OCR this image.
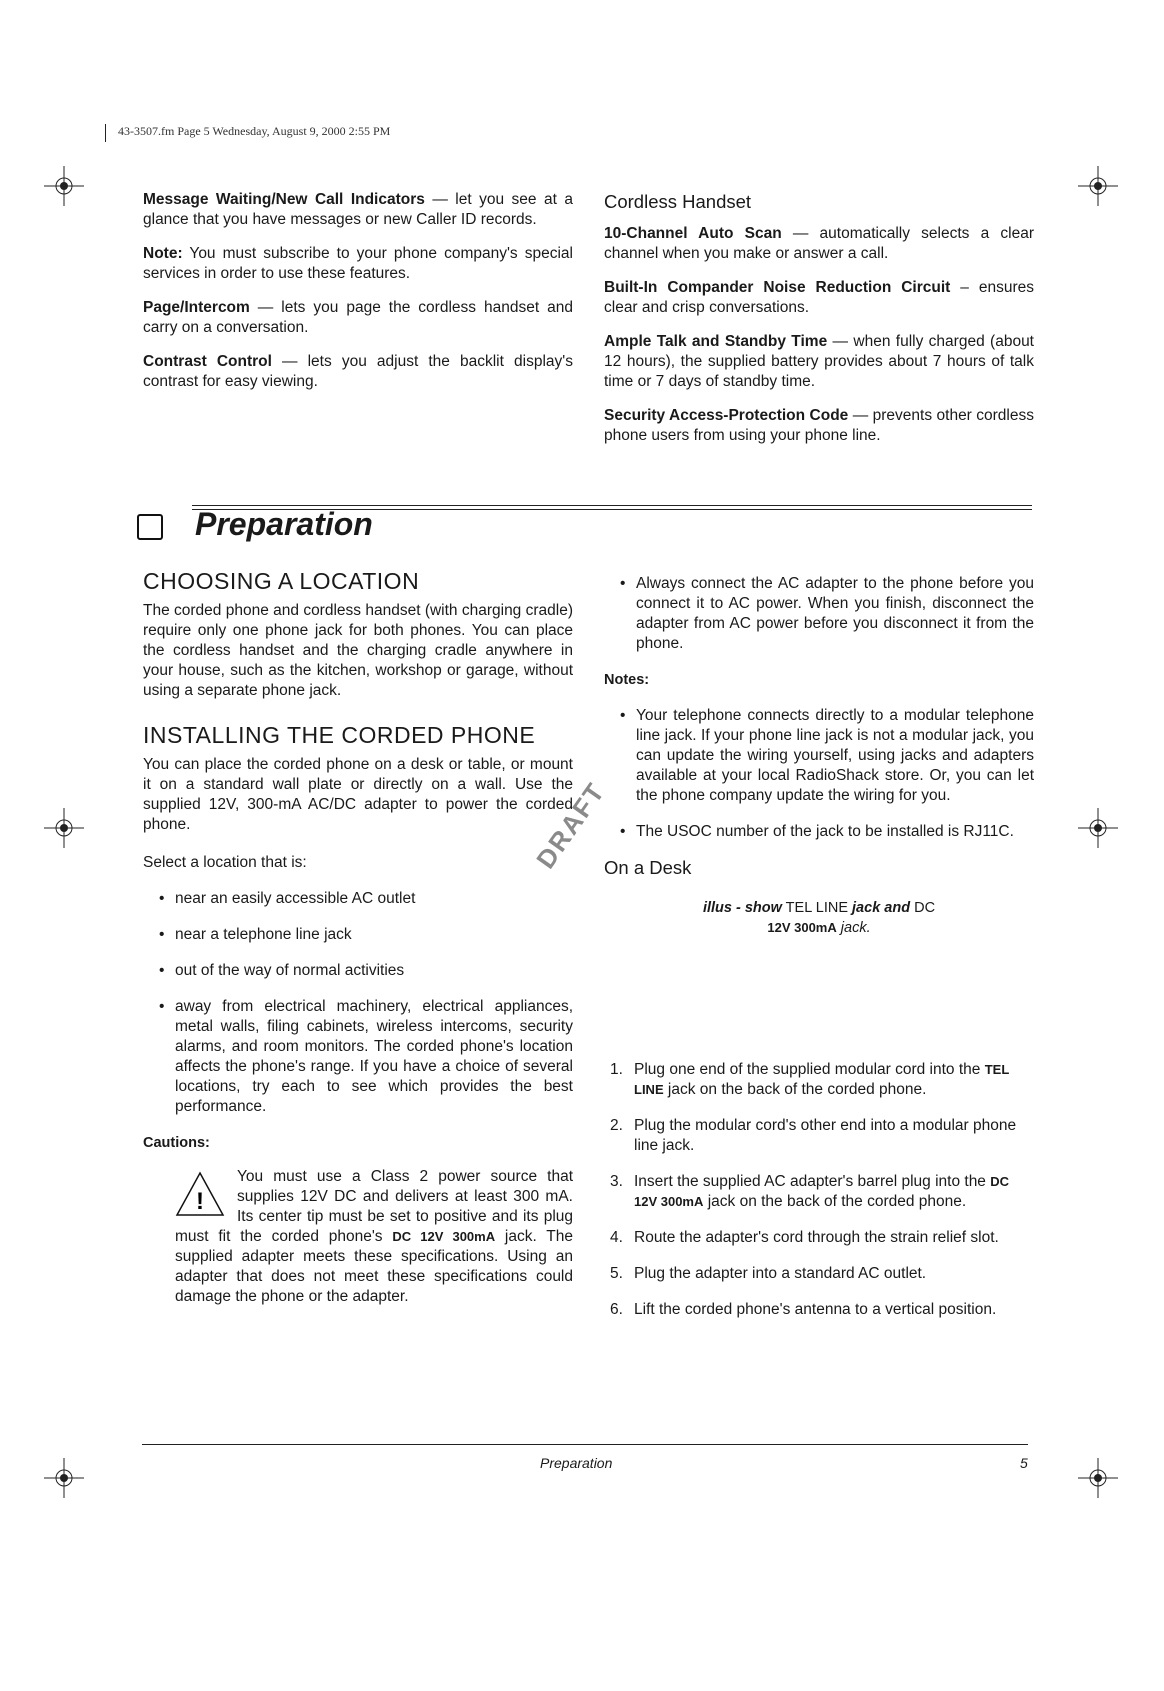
43-3507.fm Page 5 Wednesday, August 9, 2000 2:55 PM

Message Waiting/New Call Indicators — let you see at a glance that you have messages or new Caller ID records.

Note: You must subscribe to your phone company's special services in order to use these features.

Page/Intercom — lets you page the cordless handset and carry on a conversation.

Contrast Control — lets you adjust the backlit display's contrast for easy viewing.

Cordless Handset

10-Channel Auto Scan — automatically selects a clear channel when you make or answer a call.

Built-In Compander Noise Reduction Circuit – ensures clear and crisp conversations.

Ample Talk and Standby Time — when fully charged (about 12 hours), the supplied battery provides about 7 hours of talk time or 7 days of standby time.

Security Access-Protection Code — prevents other cordless phone users from using your phone line.

Preparation
CHOOSING A LOCATION

The corded phone and cordless handset (with charging cradle) require only one phone jack for both phones. You can place the cordless handset and the charging cradle anywhere in your house, such as the kitchen, workshop or garage, without using a separate phone jack.

INSTALLING THE CORDED PHONE

You can place the corded phone on a desk or table, or mount it on a standard wall plate or directly on a wall. Use the supplied 12V, 300-mA AC/DC adapter to power the corded phone.

Select a location that is:

• near an easily accessible AC outlet
• near a telephone line jack
• out of the way of normal activities
• away from electrical machinery, electrical appliances, metal walls, filing cabinets, wireless intercoms, security alarms, and room monitors. The corded phone's location affects the phone's range. If you have a choice of several locations, try each to see which provides the best performance.

Cautions:

!
You must use a Class 2 power source that supplies 12V DC and delivers at least 300 mA. Its center tip must be set to positive and its plug must fit the corded phone's DC 12V 300mA jack. The supplied adapter meets these specifications. Using an adapter that does not meet these specifications could damage the phone or the adapter.
DRAFT
• Always connect the AC adapter to the phone before you connect it to AC power. When you finish, disconnect the adapter from AC power before you disconnect it from the phone.

Notes:

• Your telephone connects directly to a modular telephone line jack. If your phone line jack is not a modular jack, you can update the wiring yourself, using jacks and adapters available at your local RadioShack store. Or, you can let the phone company update the wiring for you.
• The USOC number of the jack to be installed is RJ11C.
On a Desk
illus - show TEL LINE jack and DC
12V 300mA jack.
1. Plug one end of the supplied modular cord into the TEL LINE jack on the back of the corded phone.
2. Plug the modular cord's other end into a modular phone line jack.
3. Insert the supplied AC adapter's barrel plug into the DC 12V 300mA jack on the back of the corded phone.
4. Route the adapter's cord through the strain relief slot.
5. Plug the adapter into a standard AC outlet.
6. Lift the corded phone's antenna to a vertical position.
Preparation	5
